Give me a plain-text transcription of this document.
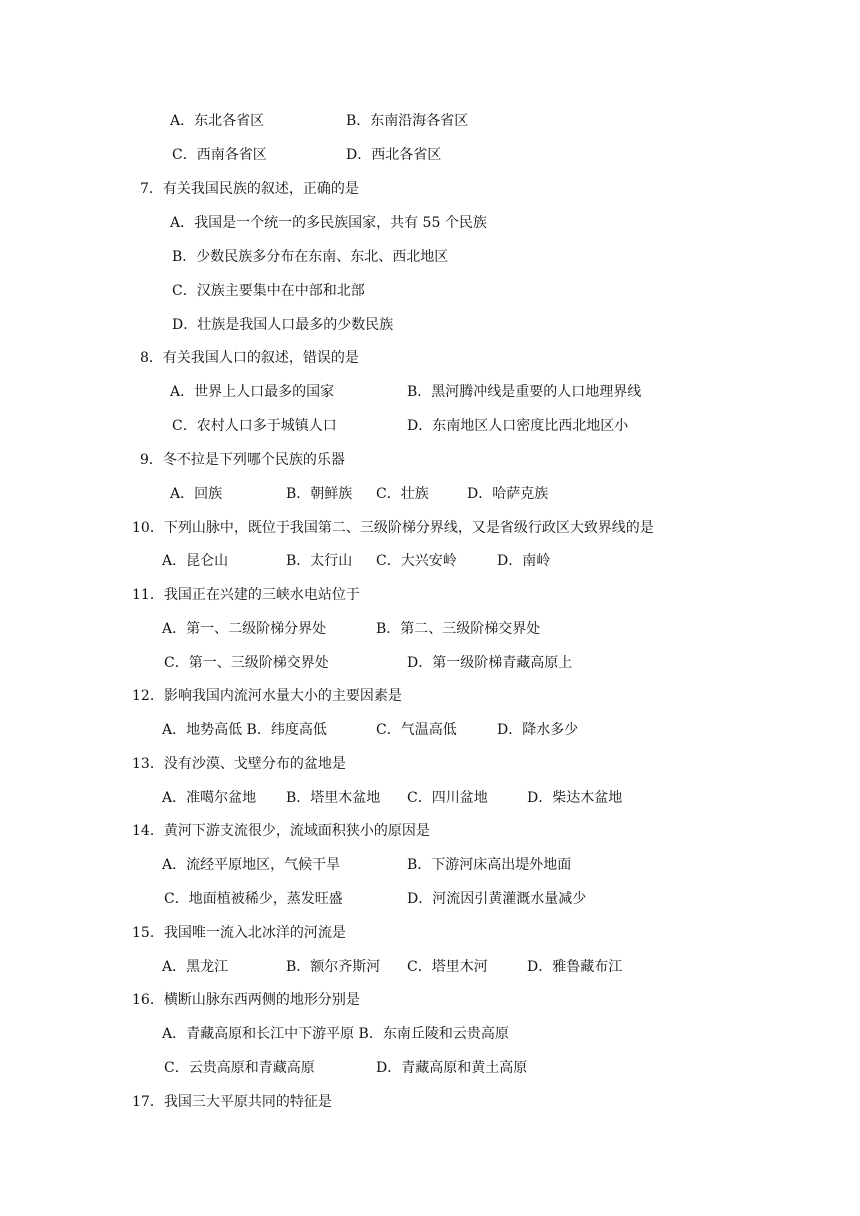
A．东北各省区	B．东南沿海各省区
C．西南各省区	D．西北各省区
7．有关我国民族的叙述，正确的是
A．我国是一个统一的多民族国家，共有 55 个民族
B．少数民族多分布在东南、东北、西北地区
C．汉族主要集中在中部和北部
D．壮族是我国人口最多的少数民族
8．有关我国人口的叙述，错误的是
A．世界上人口最多的国家	B．黑河腾冲线是重要的人口地理界线
C．农村人口多于城镇人口	D．东南地区人口密度比西北地区小
9．冬不拉是下列哪个民族的乐器
A．回族	B．朝鲜族 C．壮族	D．哈萨克族
10．下列山脉中，既位于我国第二、三级阶梯分界线，又是省级行政区大致界线的是
A．昆仑山	B．太行山 C．大兴安岭	D．南岭
11．我国正在兴建的三峡水电站位于
A．第一、二级阶梯分界处	B．第二、三级阶梯交界处
C．第一、三级阶梯交界处	D．第一级阶梯青藏高原上
12．影响我国内流河水量大小的主要因素是
A．地势高低 B．纬度高低	C．气温高低	D．降水多少
13．没有沙漠、戈壁分布的盆地是
A．准噶尔盆地 B．塔里木盆地 C．四川盆地	D．柴达木盆地
14．黄河下游支流很少，流域面积狭小的原因是
A．流经平原地区，气候干旱	B．下游河床高出堤外地面
C．地面植被稀少，蒸发旺盛	D．河流因引黄灌溉水量减少
15．我国唯一流入北冰洋的河流是
A．黑龙江	B．额尔齐斯河 C．塔里木河	D．雅鲁藏布江
16．横断山脉东西两侧的地形分别是
A．青藏高原和长江中下游平原 B．东南丘陵和云贵高原
C．云贵高原和青藏高原	D．青藏高原和黄土高原
17．我国三大平原共同的特征是
